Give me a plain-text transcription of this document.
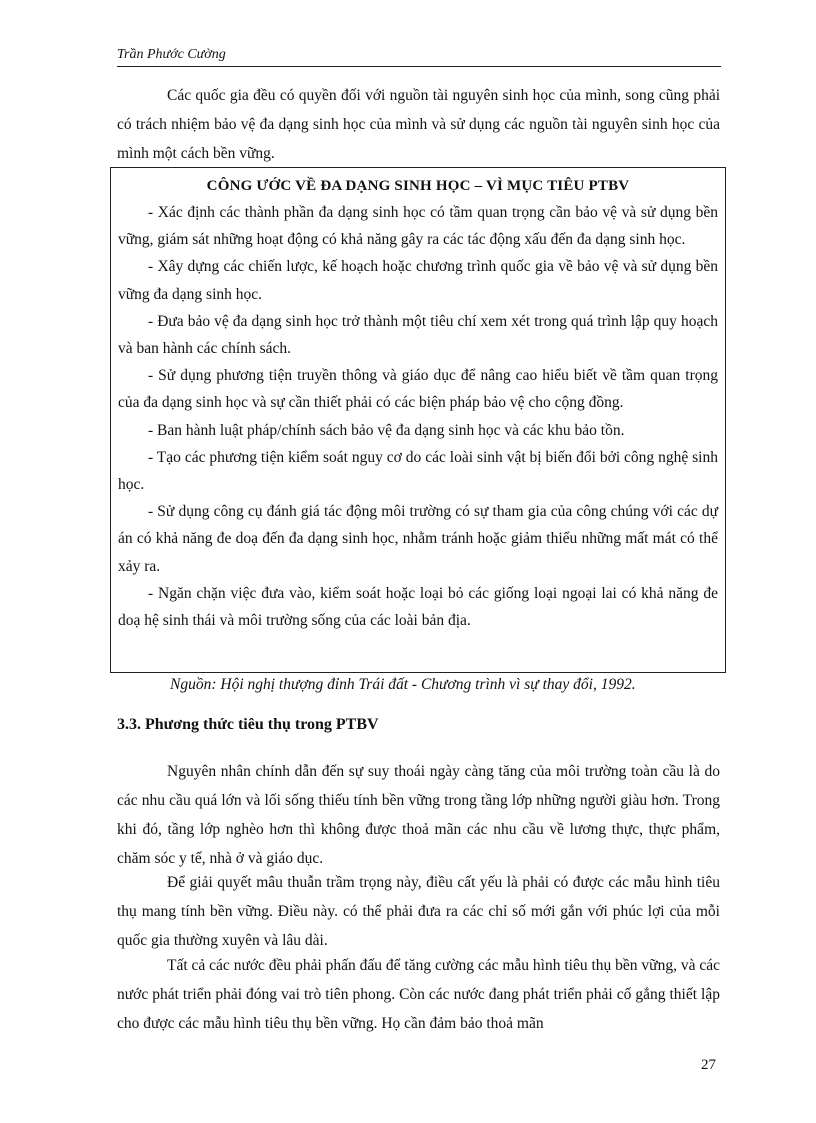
Trần Phước Cường

Các quốc gia đều có quyền đối với nguồn tài nguyên sinh học của mình, song cũng phải có trách nhiệm bảo vệ đa dạng sinh học của mình và sử dụng các nguồn tài nguyên sinh học của mình một cách bền vững.

CÔNG ƯỚC VỀ ĐA DẠNG SINH HỌC – VÌ MỤC TIÊU PTBV

- Xác định các thành phần đa dạng sinh học có tầm quan trọng cần bảo vệ và sử dụng bền vững, giám sát những hoạt động có khả năng gây ra các tác động xấu đến đa dạng sinh học.

- Xây dựng các chiến lược, kế hoạch hoặc chương trình quốc gia về bảo vệ và sử dụng bền vững đa dạng sinh học.

- Đưa bảo vệ đa dạng sinh học trở thành một tiêu chí xem xét trong quá trình lập quy hoạch và ban hành các chính sách.

- Sử dụng phương tiện truyền thông và giáo dục để nâng cao hiểu biết về tầm quan trọng của đa dạng sinh học và sự cần thiết phải có các biện pháp bảo vệ cho cộng đồng.

- Ban hành luật pháp/chính sách bảo vệ đa dạng sinh học và các khu bảo tồn.

- Tạo các phương tiện kiểm soát nguy cơ do các loài sinh vật bị biến đổi bởi công nghệ sinh học.

- Sử dụng công cụ đánh giá tác động môi trường có sự tham gia của công chúng với các dự án có khả năng đe doạ đến đa dạng sinh học, nhằm tránh hoặc giảm thiểu những mất mát có thể xảy ra.

- Ngăn chặn việc đưa vào, kiểm soát hoặc loại bỏ các giống loại ngoại lai có khả năng đe doạ hệ sinh thái và môi trường sống của các loài bản địa.

Nguồn: Hội nghị thượng đỉnh Trái đất - Chương trình vì sự thay đổi, 1992.
3.3. Phương thức tiêu thụ trong PTBV

Nguyên nhân chính dẫn đến sự suy thoái ngày càng tăng của môi trường toàn cầu là do các nhu cầu quá lớn và lối sống thiếu tính bền vững trong tầng lớp những người giàu hơn. Trong khi đó, tầng lớp nghèo hơn thì không được thoả mãn các nhu cầu về lương thực, thực phẩm, chăm sóc y tế, nhà ở và giáo dục.

Để giải quyết mâu thuẫn trầm trọng này, điều cất yếu là phải có được các mẫu hình tiêu thụ mang tính bền vững. Điều này. có thể phải đưa ra các chỉ số mới gắn với phúc lợi của mỗi quốc gia thường xuyên và lâu dài.

Tất cả các nước đều phải phấn đấu để tăng cường các mẫu hình tiêu thụ bền vững, và các nước phát triển phải đóng vai trò tiên phong. Còn các nước đang phát triển phải cố gắng thiết lập cho được các mẫu hình tiêu thụ bền vững. Họ cần đảm bảo thoả mãn

27
